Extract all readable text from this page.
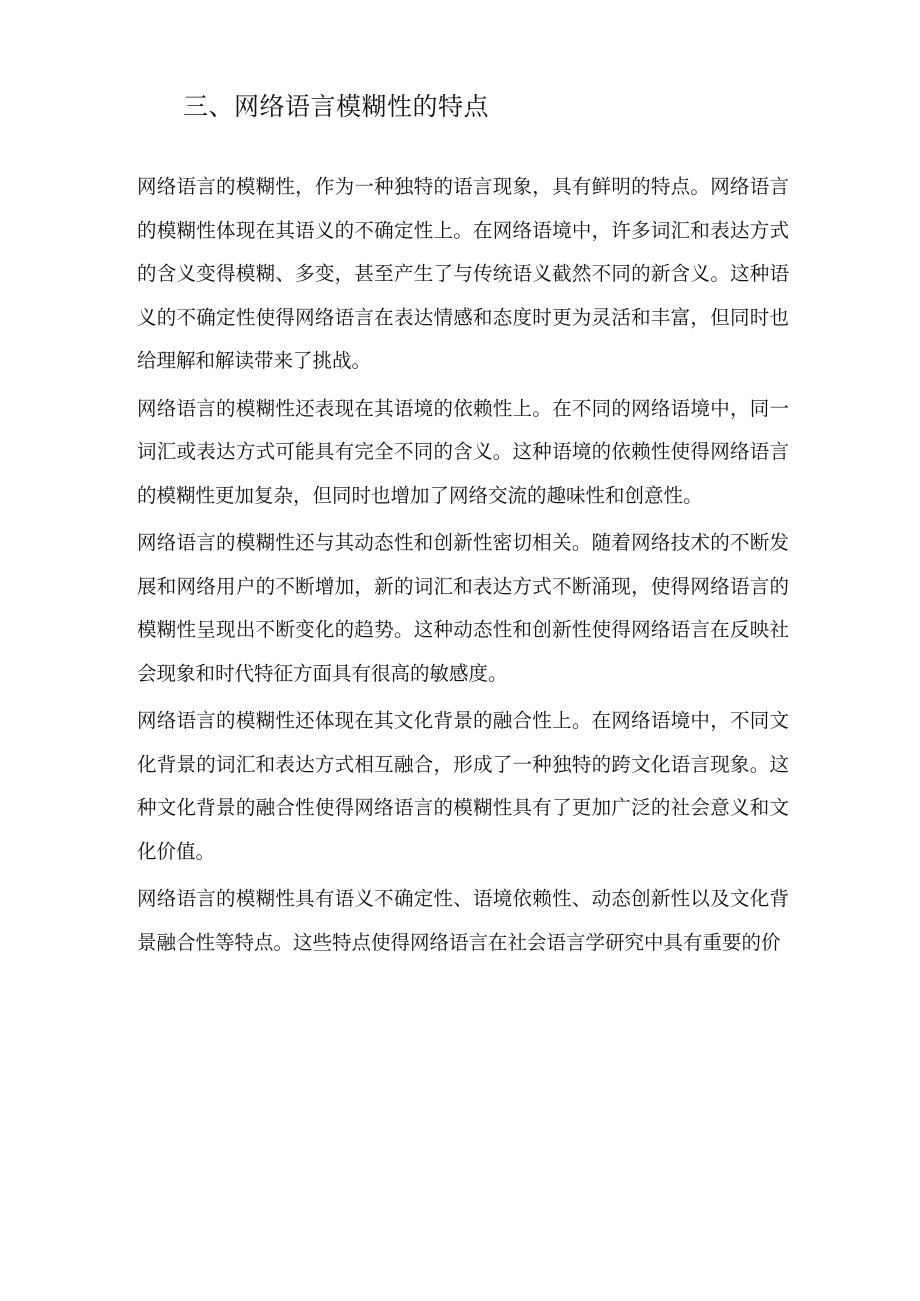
三、网络语言模糊性的特点

网络语言的模糊性，作为一种独特的语言现象，具有鲜明的特点。网络语言的模糊性体现在其语义的不确定性上。在网络语境中，许多词汇和表达方式的含义变得模糊、多变，甚至产生了与传统语义截然不同的新含义。这种语义的不确定性使得网络语言在表达情感和态度时更为灵活和丰富，但同时也给理解和解读带来了挑战。

网络语言的模糊性还表现在其语境的依赖性上。在不同的网络语境中，同一词汇或表达方式可能具有完全不同的含义。这种语境的依赖性使得网络语言的模糊性更加复杂，但同时也增加了网络交流的趣味性和创意性。

网络语言的模糊性还与其动态性和创新性密切相关。随着网络技术的不断发展和网络用户的不断增加，新的词汇和表达方式不断涌现，使得网络语言的模糊性呈现出不断变化的趋势。这种动态性和创新性使得网络语言在反映社会现象和时代特征方面具有很高的敏感度。

网络语言的模糊性还体现在其文化背景的融合性上。在网络语境中，不同文化背景的词汇和表达方式相互融合，形成了一种独特的跨文化语言现象。这种文化背景的融合性使得网络语言的模糊性具有了更加广泛的社会意义和文化价值。

网络语言的模糊性具有语义不确定性、语境依赖性、动态创新性以及文化背景融合性等特点。这些特点使得网络语言在社会语言学研究中具有重要的价
